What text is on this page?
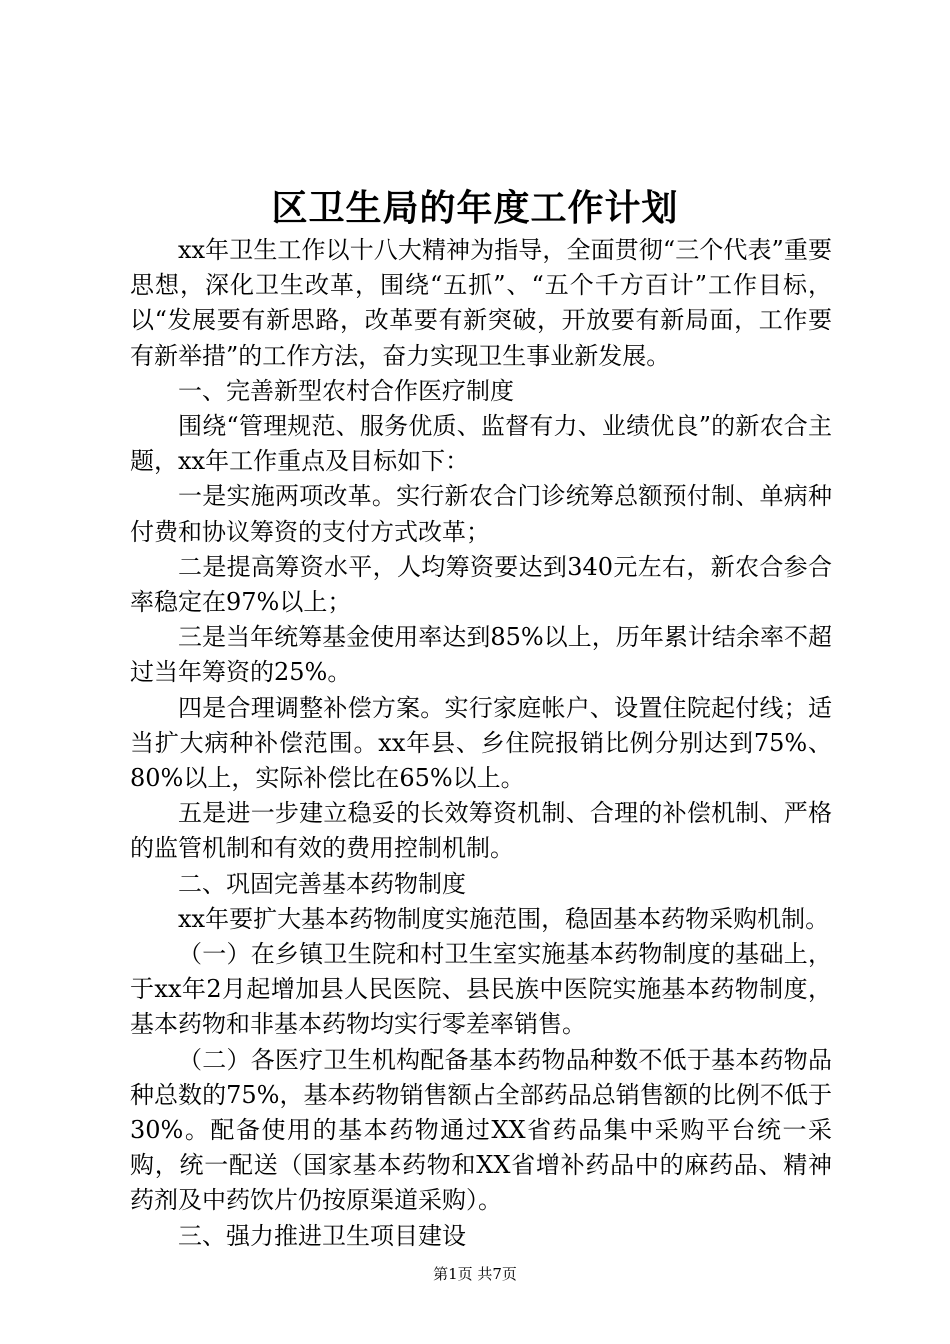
区卫生局的年度工作计划

xx年卫生工作以十八大精神为指导，全面贯彻“三个代表”重要思想，深化卫生改革，围绕“五抓”、“五个千方百计”工作目标，以“发展要有新思路，改革要有新突破，开放要有新局面，工作要有新举措”的工作方法，奋力实现卫生事业新发展。

一、完善新型农村合作医疗制度

围绕“管理规范、服务优质、监督有力、业绩优良”的新农合主题，xx年工作重点及目标如下：

一是实施两项改革。实行新农合门诊统筹总额预付制、单病种付费和协议筹资的支付方式改革；

二是提高筹资水平，人均筹资要达到340元左右，新农合参合率稳定在97%以上；

三是当年统筹基金使用率达到85%以上，历年累计结余率不超过当年筹资的25%。

四是合理调整补偿方案。实行家庭帐户、设置住院起付线；适当扩大病种补偿范围。xx年县、乡住院报销比例分别达到75%、80%以上，实际补偿比在65%以上。

五是进一步建立稳妥的长效筹资机制、合理的补偿机制、严格的监管机制和有效的费用控制机制。

二、巩固完善基本药物制度

xx年要扩大基本药物制度实施范围，稳固基本药物采购机制。

（一）在乡镇卫生院和村卫生室实施基本药物制度的基础上，于xx年2月起增加县人民医院、县民族中医院实施基本药物制度，基本药物和非基本药物均实行零差率销售。

（二）各医疗卫生机构配备基本药物品种数不低于基本药物品种总数的75%，基本药物销售额占全部药品总销售额的比例不低于30%。配备使用的基本药物通过XX省药品集中采购平台统一采购，统一配送（国家基本药物和XX省增补药品中的麻药品、精神药剂及中药饮片仍按原渠道采购）。

三、强力推进卫生项目建设

第1页 共7页
